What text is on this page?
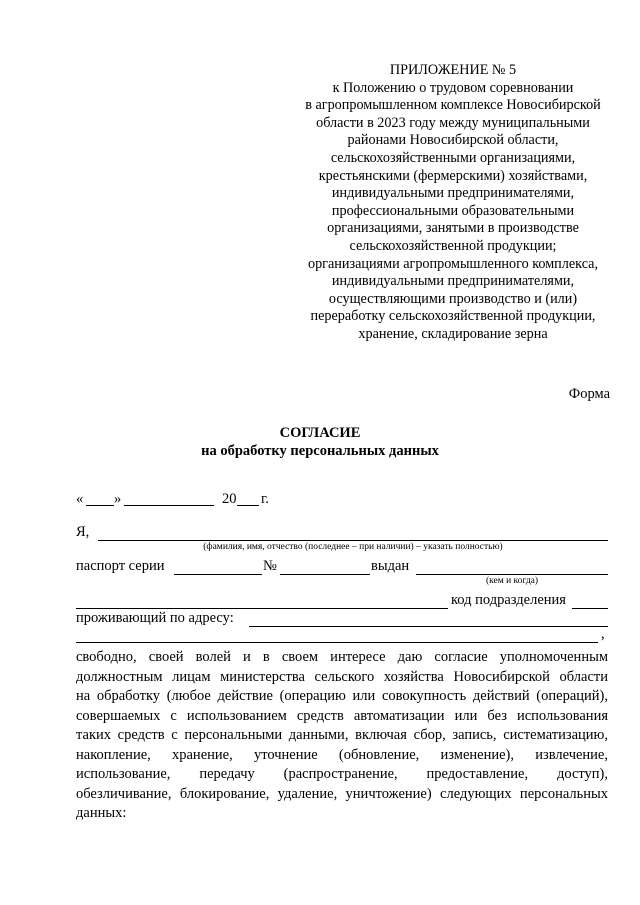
ПРИЛОЖЕНИЕ № 5
к Положению о трудовом соревновании
в агропромышленном комплексе Новосибирской
области в 2023 году между муниципальными
районами Новосибирской области,
сельскохозяйственными организациями,
крестьянскими (фермерскими) хозяйствами,
индивидуальными предпринимателями,
профессиональными образовательными
организациями, занятыми в производстве
сельскохозяйственной продукции;
организациями агропромышленного комплекса,
индивидуальными предпринимателями,
осуществляющими производство и (или)
переработку сельскохозяйственной продукции,
хранение, складирование зерна
Форма
СОГЛАСИЕ
на обработку персональных данных
« »	20 г.
Я,
(фамилия, имя, отчество (последнее – при наличии) – указать полностью)
паспорт серии	№	выдан
(кем и когда)
код подразделения
проживающий по адресу:
,
свободно, своей волей и в своем интересе даю согласие уполномоченным
должностным лицам министерства сельского хозяйства Новосибирской области
на обработку (любое действие (операцию или совокупность действий (операций),
совершаемых с использованием средств автоматизации или без использования
таких средств с персональными данными, включая сбор, запись, систематизацию,
накопление, хранение, уточнение (обновление, изменение), извлечение,
использование, передачу (распространение, предоставление, доступ),
обезличивание, блокирование, удаление, уничтожение) следующих персональных
данных:
